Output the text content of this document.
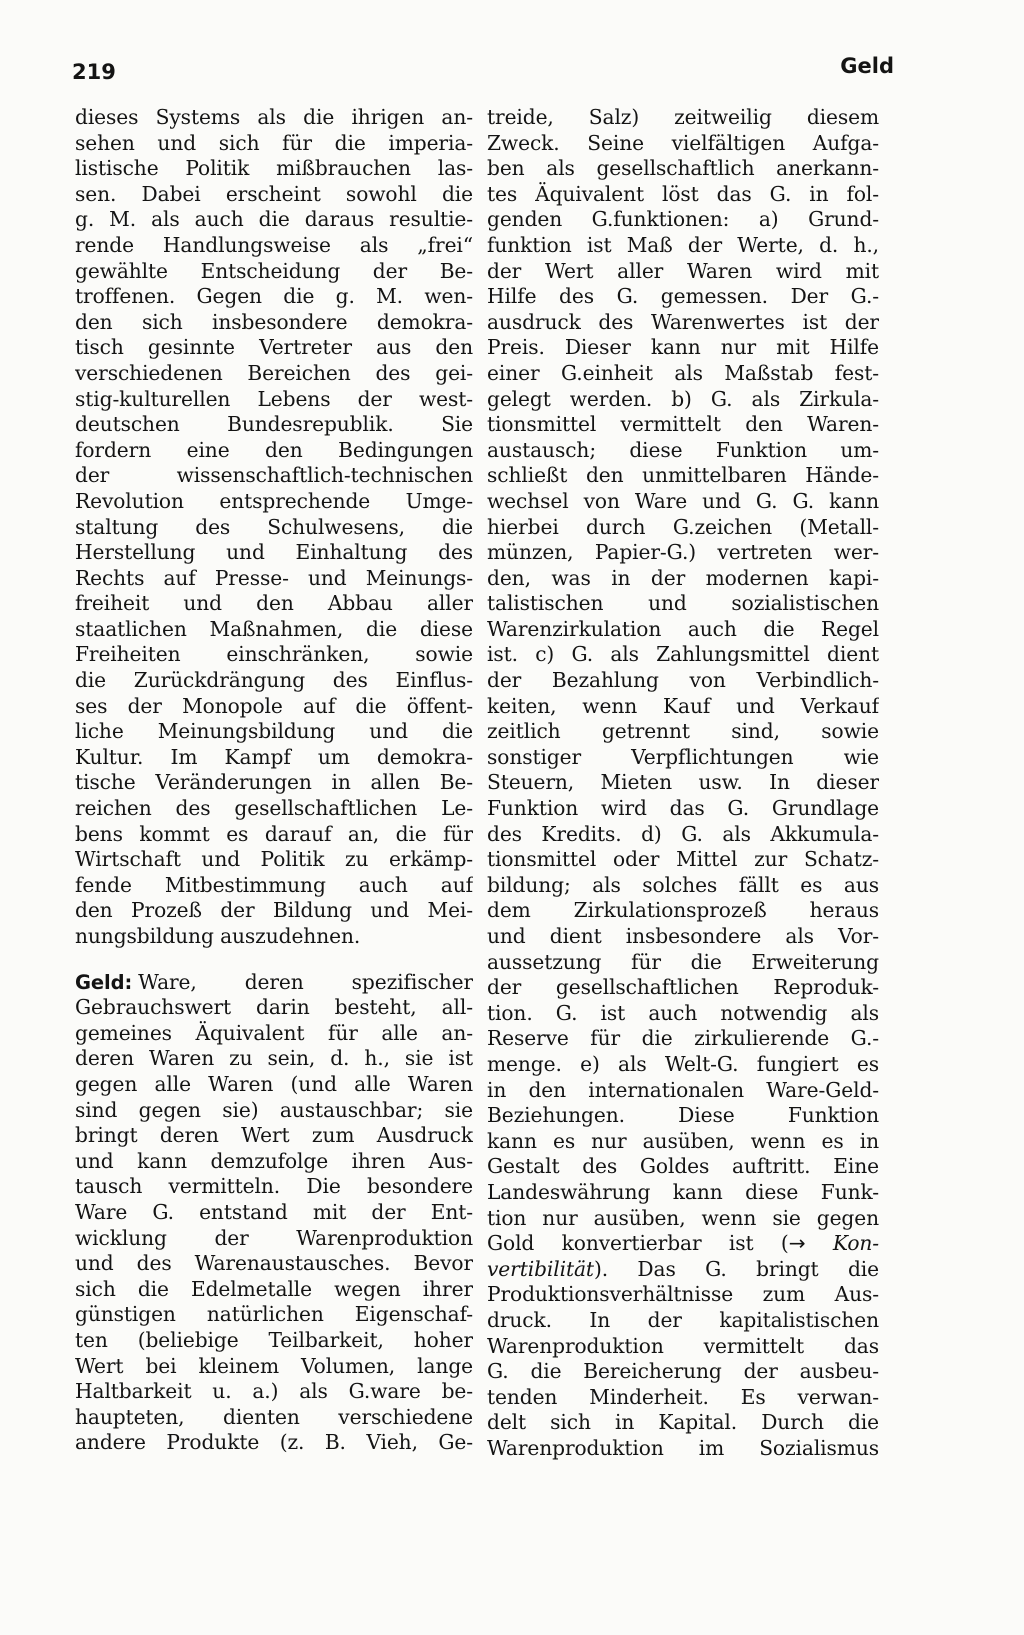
219	Geld
dieses Systems als die ihrigen an-
sehen und sich für die imperia-
listische Politik mißbrauchen las-
sen. Dabei erscheint sowohl die
g. M. als auch die daraus resultie-
rende Handlungsweise als „frei“
gewählte Entscheidung der Be-
troffenen. Gegen die g. M. wen-
den sich insbesondere demokra-
tisch gesinnte Vertreter aus den
verschiedenen Bereichen des gei-
stig-kulturellen Lebens der west-
deutschen Bundesrepublik. Sie
fordern eine den Bedingungen
der wissenschaftlich-technischen
Revolution entsprechende Umge-
staltung des Schulwesens, die
Herstellung und Einhaltung des
Rechts auf Presse- und Meinungs-
freiheit und den Abbau aller
staatlichen Maßnahmen, die diese
Freiheiten einschränken, sowie
die Zurückdrängung des Einflus-
ses der Monopole auf die öffent-
liche Meinungsbildung und die
Kultur. Im Kampf um demokra-
tische Veränderungen in allen Be-
reichen des gesellschaftlichen Le-
bens kommt es darauf an, die für
Wirtschaft und Politik zu erkämp-
fende Mitbestimmung auch auf
den Prozeß der Bildung und Mei-
nungsbildung auszudehnen.
Geld: Ware, deren spezifischer
Gebrauchswert darin besteht, all-
gemeines Äquivalent für alle an-
deren Waren zu sein, d. h., sie ist
gegen alle Waren (und alle Waren
sind gegen sie) austauschbar; sie
bringt deren Wert zum Ausdruck
und kann demzufolge ihren Aus-
tausch vermitteln. Die besondere
Ware G. entstand mit der Ent-
wicklung der Warenproduktion
und des Warenaustausches. Bevor
sich die Edelmetalle wegen ihrer
günstigen natürlichen Eigenschaf-
ten (beliebige Teilbarkeit, hoher
Wert bei kleinem Volumen, lange
Haltbarkeit u. a.) als G.ware be-
haupteten, dienten verschiedene
andere Produkte (z. B. Vieh, Ge-
treide, Salz) zeitweilig diesem
Zweck. Seine vielfältigen Aufga-
ben als gesellschaftlich anerkann-
tes Äquivalent löst das G. in fol-
genden G.funktionen: a) Grund-
funktion ist Maß der Werte, d. h.,
der Wert aller Waren wird mit
Hilfe des G. gemessen. Der G.-
ausdruck des Warenwertes ist der
Preis. Dieser kann nur mit Hilfe
einer G.einheit als Maßstab fest-
gelegt werden. b) G. als Zirkula-
tionsmittel vermittelt den Waren-
austausch; diese Funktion um-
schließt den unmittelbaren Hände-
wechsel von Ware und G. G. kann
hierbei durch G.zeichen (Metall-
münzen, Papier-G.) vertreten wer-
den, was in der modernen kapi-
talistischen und sozialistischen
Warenzirkulation auch die Regel
ist. c) G. als Zahlungsmittel dient
der Bezahlung von Verbindlich-
keiten, wenn Kauf und Verkauf
zeitlich getrennt sind, sowie
sonstiger Verpflichtungen wie
Steuern, Mieten usw. In dieser
Funktion wird das G. Grundlage
des Kredits. d) G. als Akkumula-
tionsmittel oder Mittel zur Schatz-
bildung; als solches fällt es aus
dem Zirkulationsprozeß heraus
und dient insbesondere als Vor-
aussetzung für die Erweiterung
der gesellschaftlichen Reproduk-
tion. G. ist auch notwendig als
Reserve für die zirkulierende G.-
menge. e) als Welt-G. fungiert es
in den internationalen Ware-Geld-
Beziehungen. Diese Funktion
kann es nur ausüben, wenn es in
Gestalt des Goldes auftritt. Eine
Landeswährung kann diese Funk-
tion nur ausüben, wenn sie gegen
Gold konvertierbar ist (→ Kon-
vertibilität). Das G. bringt die
Produktionsverhältnisse zum Aus-
druck. In der kapitalistischen
Warenproduktion vermittelt das
G. die Bereicherung der ausbeu-
tenden Minderheit. Es verwan-
delt sich in Kapital. Durch die
Warenproduktion im Sozialismus
